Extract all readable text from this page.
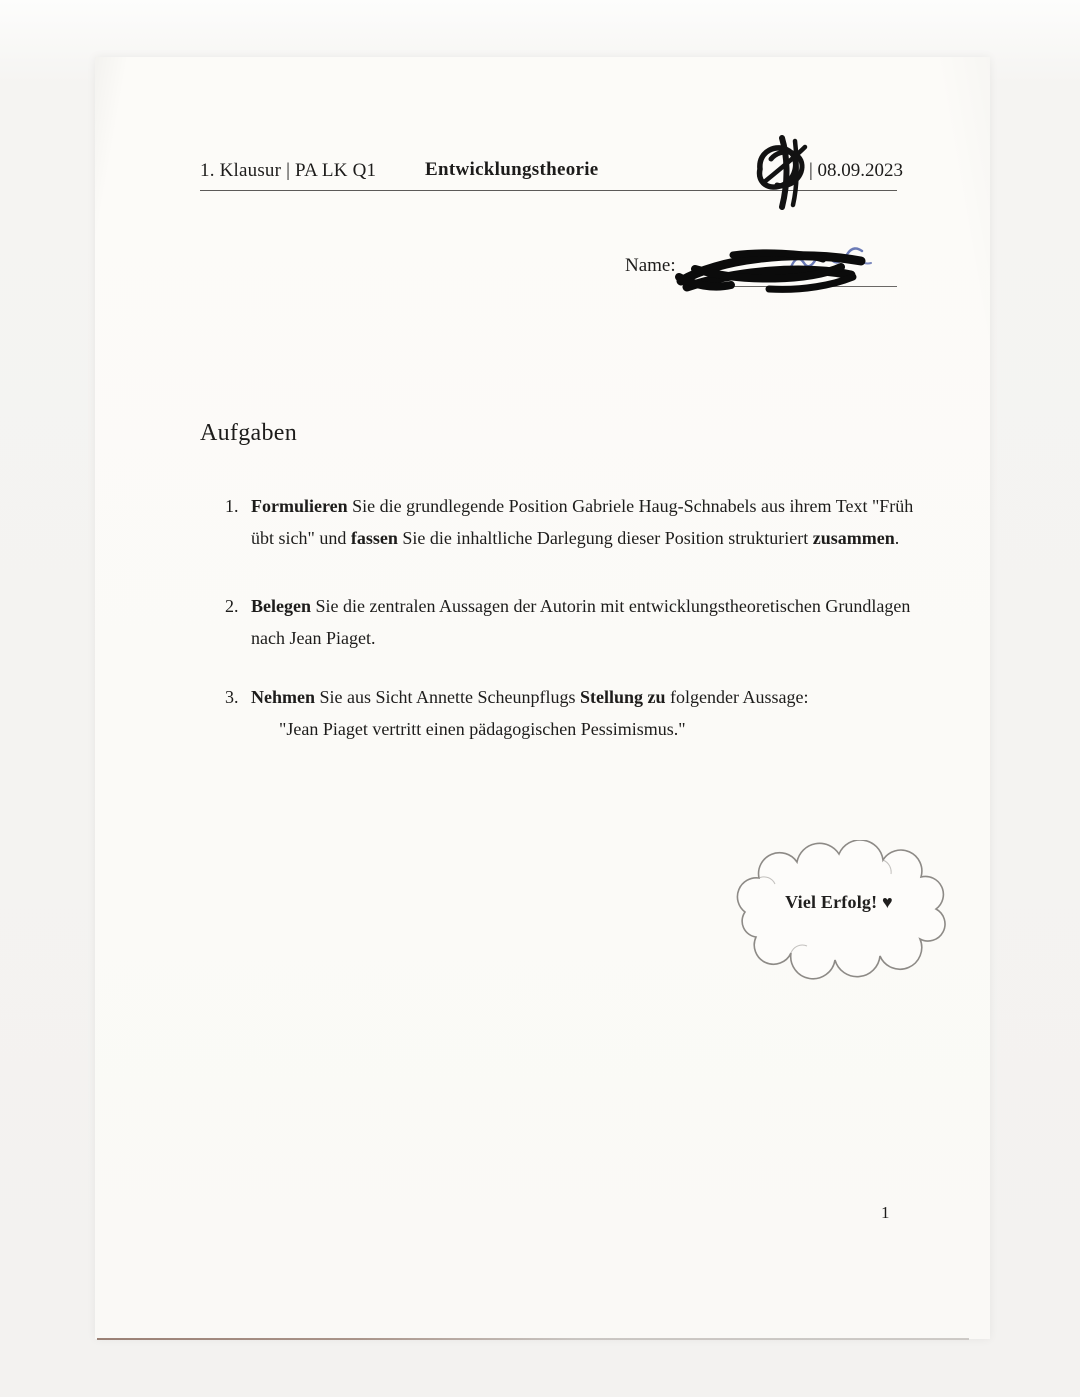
1. Klausur | PA LK Q1	Entwicklungstheorie	| 08.09.2023
Name:
Aufgaben
1. Formulieren Sie die grundlegende Position Gabriele Haug-Schnabels aus ihrem Text "Früh
übt sich" und fassen Sie die inhaltliche Darlegung dieser Position strukturiert zusammen.
2. Belegen Sie die zentralen Aussagen der Autorin mit entwicklungstheoretischen Grundlagen
nach Jean Piaget.
3. Nehmen Sie aus Sicht Annette Scheunpflugs Stellung zu folgender Aussage:
"Jean Piaget vertritt einen pädagogischen Pessimismus."
Viel Erfolg! ♥
1
